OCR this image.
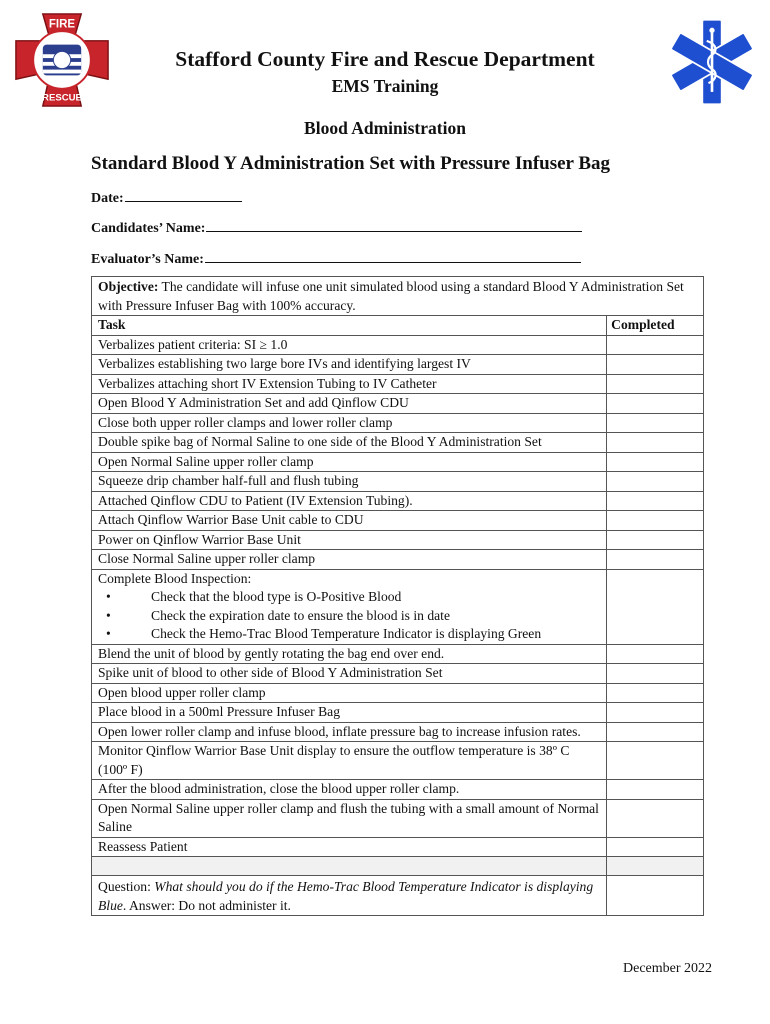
FIRE
RESCUE
Stafford County Fire and Rescue Department
EMS Training
Blood Administration
Standard Blood Y Administration Set with Pressure Infuser Bag
Date:
Candidates’ Name:
Evaluator’s Name:
Objective: The candidate will infuse one unit simulated blood using a standard Blood Y Administration Set with Pressure Infuser Bag with 100% accuracy.	
Task	Completed
Verbalizes patient criteria: SI ≥ 1.0	
Verbalizes establishing two large bore IVs and identifying largest IV	
Verbalizes attaching short IV Extension Tubing to IV Catheter	
Open Blood Y Administration Set and add Qinflow CDU	
Close both upper roller clamps and lower roller clamp	
Double spike bag of Normal Saline to one side of the Blood Y Administration Set	
Open Normal Saline upper roller clamp	
Squeeze drip chamber half-full and flush tubing	
Attached Qinflow CDU to Patient (IV Extension Tubing).	
Attach Qinflow Warrior Base Unit cable to CDU	
Power on Qinflow Warrior Base Unit	
Close Normal Saline upper roller clamp	

Complete Blood Inspection:
• Check that the blood type is O-Positive Blood
• Check the expiration date to ensure the blood is in date
• Check the Hemo-Trac Blood Temperature Indicator is displaying Green	

Blend the unit of blood by gently rotating the bag end over end.	
Spike unit of blood to other side of Blood Y Administration Set	
Open blood upper roller clamp	
Place blood in a 500ml Pressure Infuser Bag	
Open lower roller clamp and infuse blood, inflate pressure bag to increase infusion rates.	
Monitor Qinflow Warrior Base Unit display to ensure the outflow temperature is 38º C (100º F)	
After the blood administration, close the blood upper roller clamp.	
Open Normal Saline upper roller clamp and flush the tubing with a small amount of Normal Saline	
Reassess Patient	

Question: What should you do if the Hemo-Trac Blood Temperature Indicator is displaying Blue. Answer: Do not administer it.	
December 2022
